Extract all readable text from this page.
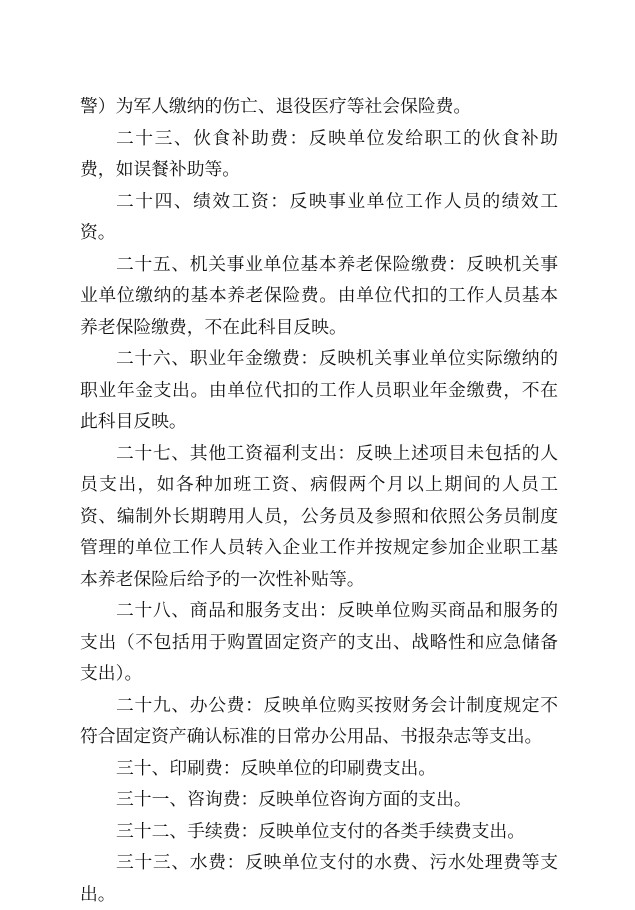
警）为军人缴纳的伤亡、退役医疗等社会保险费。

二十三、伙食补助费：反映单位发给职工的伙食补助费，如误餐补助等。

二十四、绩效工资：反映事业单位工作人员的绩效工资。

二十五、机关事业单位基本养老保险缴费：反映机关事业单位缴纳的基本养老保险费。由单位代扣的工作人员基本养老保险缴费，不在此科目反映。

二十六、职业年金缴费：反映机关事业单位实际缴纳的职业年金支出。由单位代扣的工作人员职业年金缴费，不在此科目反映。

二十七、其他工资福利支出：反映上述项目未包括的人员支出，如各种加班工资、病假两个月以上期间的人员工资、编制外长期聘用人员，公务员及参照和依照公务员制度管理的单位工作人员转入企业工作并按规定参加企业职工基本养老保险后给予的一次性补贴等。

二十八、商品和服务支出：反映单位购买商品和服务的支出（不包括用于购置固定资产的支出、战略性和应急储备支出）。

二十九、办公费：反映单位购买按财务会计制度规定不符合固定资产确认标准的日常办公用品、书报杂志等支出。

三十、印刷费：反映单位的印刷费支出。

三十一、咨询费：反映单位咨询方面的支出。

三十二、手续费：反映单位支付的各类手续费支出。

三十三、水费：反映单位支付的水费、污水处理费等支出。
